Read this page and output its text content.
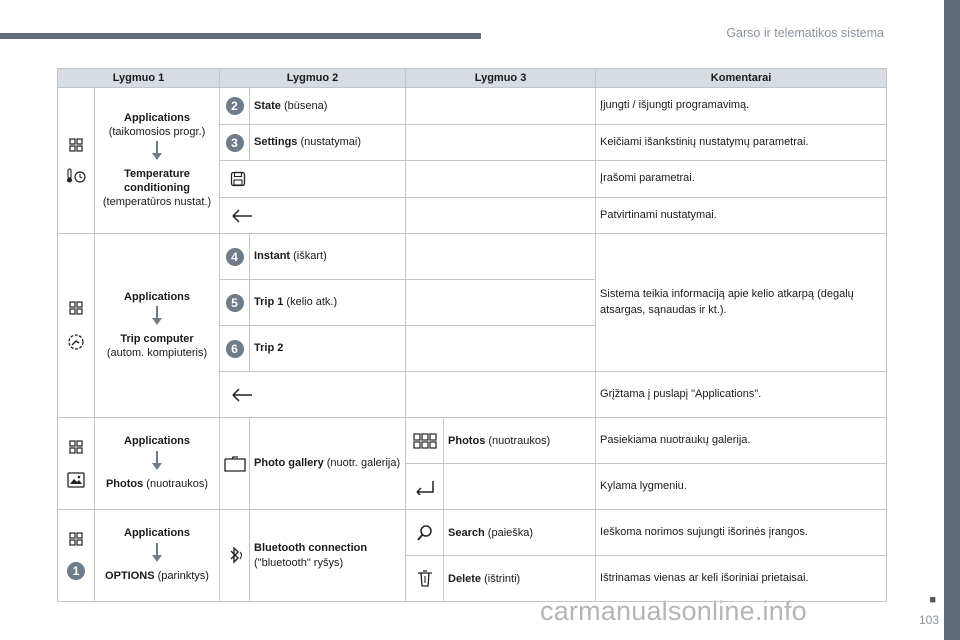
Garso ir telematikos sistema
■
103
carmanualsonline.info
Lygmuo 1		Lygmuo 2		Lygmuo 3		Komentarai

Applications
(taikomosios progr.)
Temperature conditioning
(temperatūros nustat.)	2	State (būsena)			Įjungti / išjungti programavimą.
		3	Settings (nustatymai)			Keičiami išankstinių nustatymų parametrai.
		Įrašomi parametrai.
		Patvirtinami nustatymai.

Applications
Trip computer
(autom. kompiuteris)	4	Instant (iškart)			Sistema teikia informaciją apie kelio atkarpą (degalų atsargas, sąnaudas ir kt.).
		5	Trip 1 (kelio atk.)			
		6	Trip 2			
		Grįžtama į puslapį "Applications".

Applications
Photos (nuotraukos)		Photo gallery (nuotr. galerija)		Photos (nuotraukos)	Pasiekiama nuotraukų galerija.
		Kylama lygmeniu.

1	Applications
OPTIONS (parinktys)		Bluetooth connection ("bluetooth" ryšys)		Search (paieška)	Ieškoma norimos sujungti išorinės įrangos.
	Delete (ištrinti)	Ištrinamas vienas ar keli išoriniai prietaisai.
